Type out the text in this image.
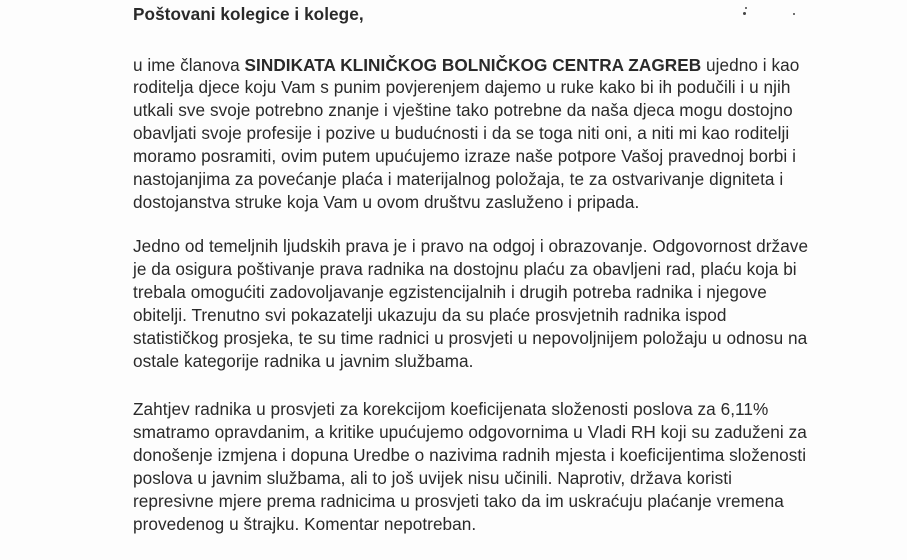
Poštovani kolegice i kolege,
u ime članova SINDIKATA KLINIČKOG BOLNIČKOG CENTRA ZAGREB ujedno i kao
roditelja djece koju Vam s punim povjerenjem dajemo u ruke kako bi ih podučili i u njih
utkali sve svoje potrebno znanje i vještine tako potrebne da naša djeca mogu dostojno
obavljati svoje profesije i pozive u budućnosti i da se toga niti oni, a niti mi kao roditelji
moramo posramiti, ovim putem upućujemo izraze naše potpore Vašoj pravednoj borbi i
nastojanjima za povećanje plaća i materijalnog položaja, te za ostvarivanje digniteta i
dostojanstva struke koja Vam u ovom društvu zasluženo i pripada.
Jedno od temeljnih ljudskih prava je i pravo na odgoj i obrazovanje. Odgovornost države
je da osigura poštivanje prava radnika na dostojnu plaću za obavljeni rad, plaću koja bi
trebala omogućiti zadovoljavanje egzistencijalnih i drugih potreba radnika i njegove
obitelji. Trenutno svi pokazatelji ukazuju da su plaće prosvjetnih radnika ispod
statističkog prosjeka, te su time radnici u prosvjeti u nepovoljnijem položaju u odnosu na
ostale kategorije radnika u javnim službama.
Zahtjev radnika u prosvjeti za korekcijom koeficijenata složenosti poslova za 6,11%
smatramo opravdanim, a kritike upućujemo odgovornima u Vladi RH koji su zaduženi za
donošenje izmjena i dopuna Uredbe o nazivima radnih mjesta i koeficijentima složenosti
poslova u javnim službama, ali to još uvijek nisu učinili. Naprotiv, država koristi
represivne mjere prema radnicima u prosvjeti tako da im uskraćuju plaćanje vremena
provedenog u štrajku. Komentar nepotreban.
